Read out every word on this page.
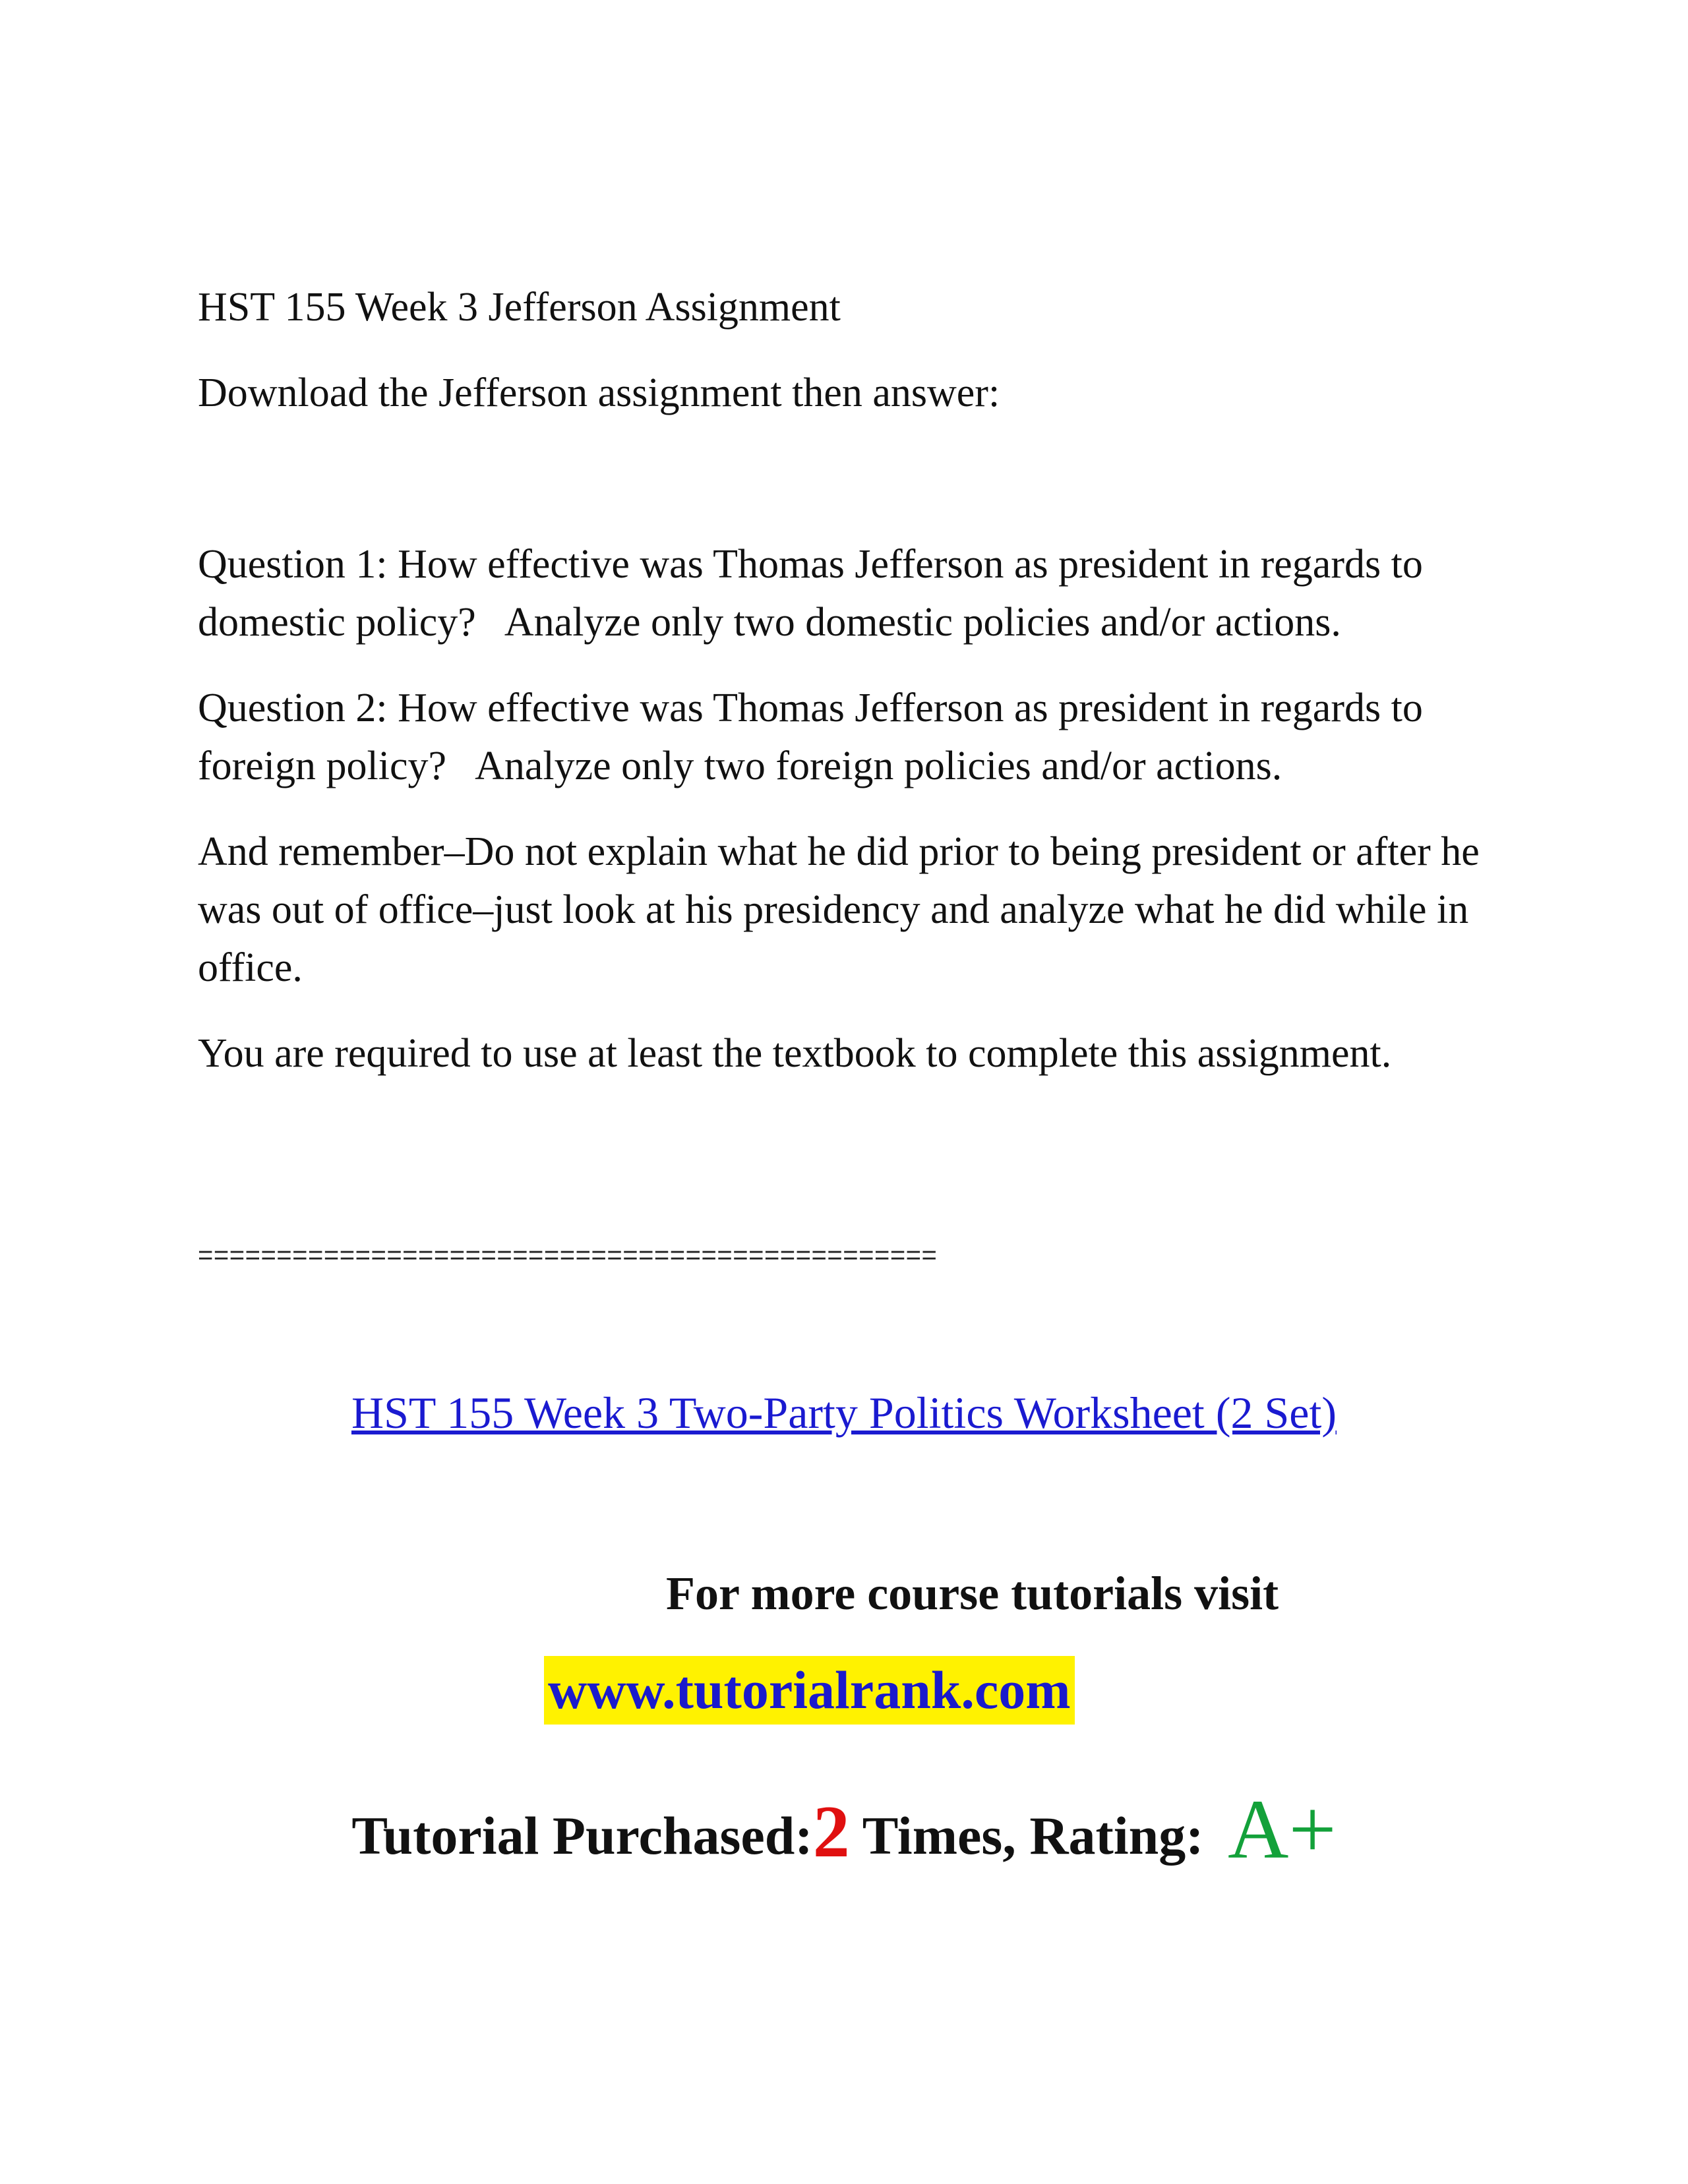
HST 155 Week 3 Jefferson Assignment
Download the Jefferson assignment then answer:
Question 1: How effective was Thomas Jefferson as president in regards to domestic policy?   Analyze only two domestic policies and/or actions.
Question 2: How effective was Thomas Jefferson as president in regards to foreign policy?   Analyze only two foreign policies and/or actions.
And remember–Do not explain what he did prior to being president or after he was out of office–just look at his presidency and analyze what he did while in office.
You are required to use at least the textbook to complete this assignment.
===============================================
HST 155 Week 3 Two-Party Politics Worksheet (2 Set)
For more course tutorials visit
www.tutorialrank.com
Tutorial Purchased:2 Times, Rating: A+
